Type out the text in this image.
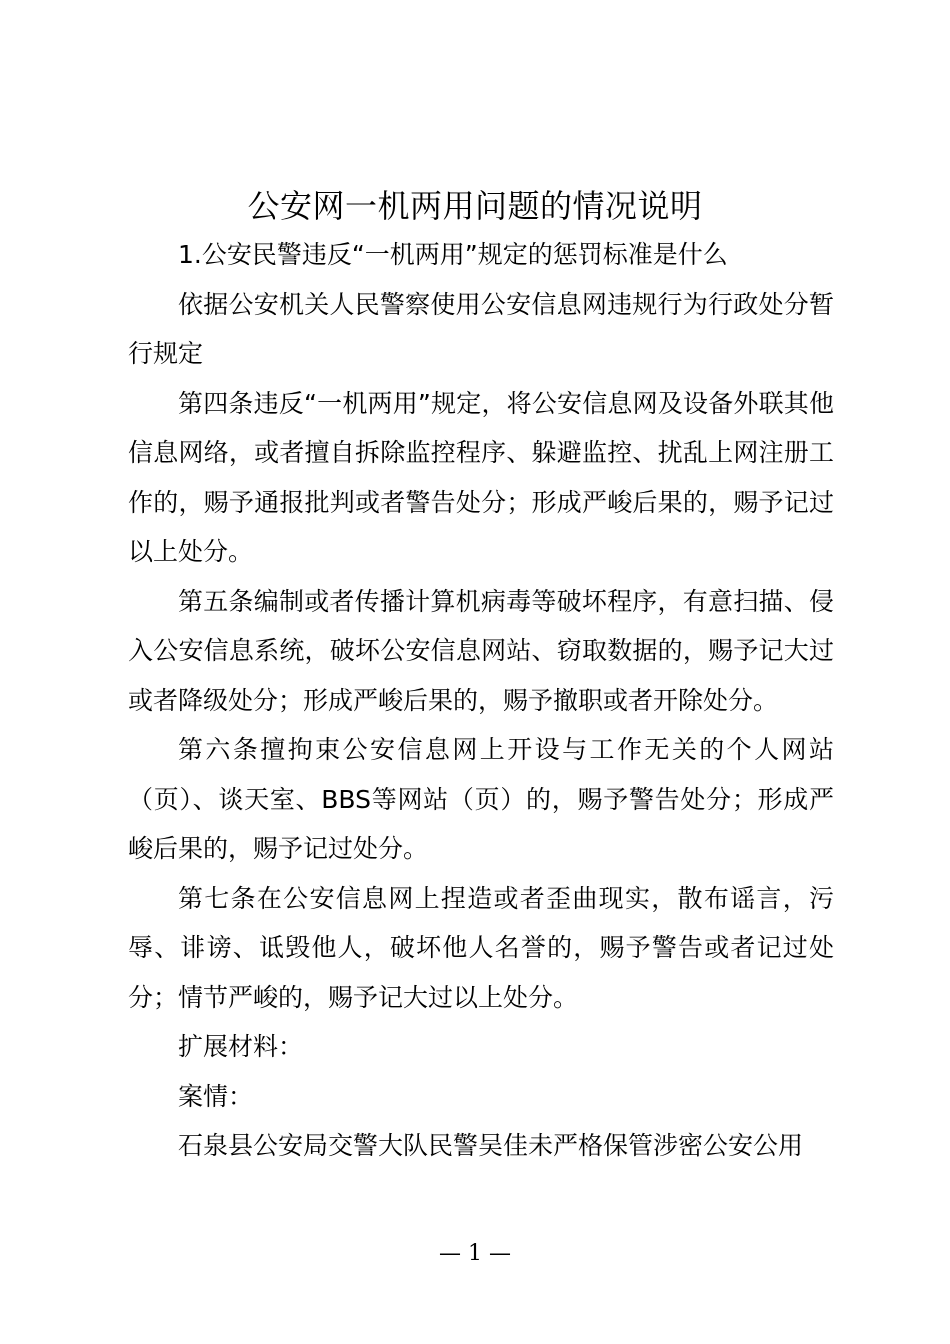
公安网一机两用问题的情况说明

1.公安民警违反“一机两用”规定的惩罚标准是什么

依据公安机关人民警察使用公安信息网违规行为行政处分暂行规定

第四条违反“一机两用”规定，将公安信息网及设备外联其他信息网络，或者擅自拆除监控程序、躲避监控、扰乱上网注册工作的，赐予通报批判或者警告处分；形成严峻后果的，赐予记过以上处分。

第五条编制或者传播计算机病毒等破坏程序，有意扫描、侵入公安信息系统，破坏公安信息网站、窃取数据的，赐予记大过或者降级处分；形成严峻后果的，赐予撤职或者开除处分。

第六条擅拘束公安信息网上开设与工作无关的个人网站（页）、谈天室、BBS等网站（页）的，赐予警告处分；形成严峻后果的，赐予记过处分。

第七条在公安信息网上捏造或者歪曲现实，散布谣言，污辱、诽谤、诋毁他人，破坏他人名誉的，赐予警告或者记过处分；情节严峻的，赐予记大过以上处分。

扩展材料：

案情：

石泉县公安局交警大队民警吴佳未严格保管涉密公安公用

— 1 —
